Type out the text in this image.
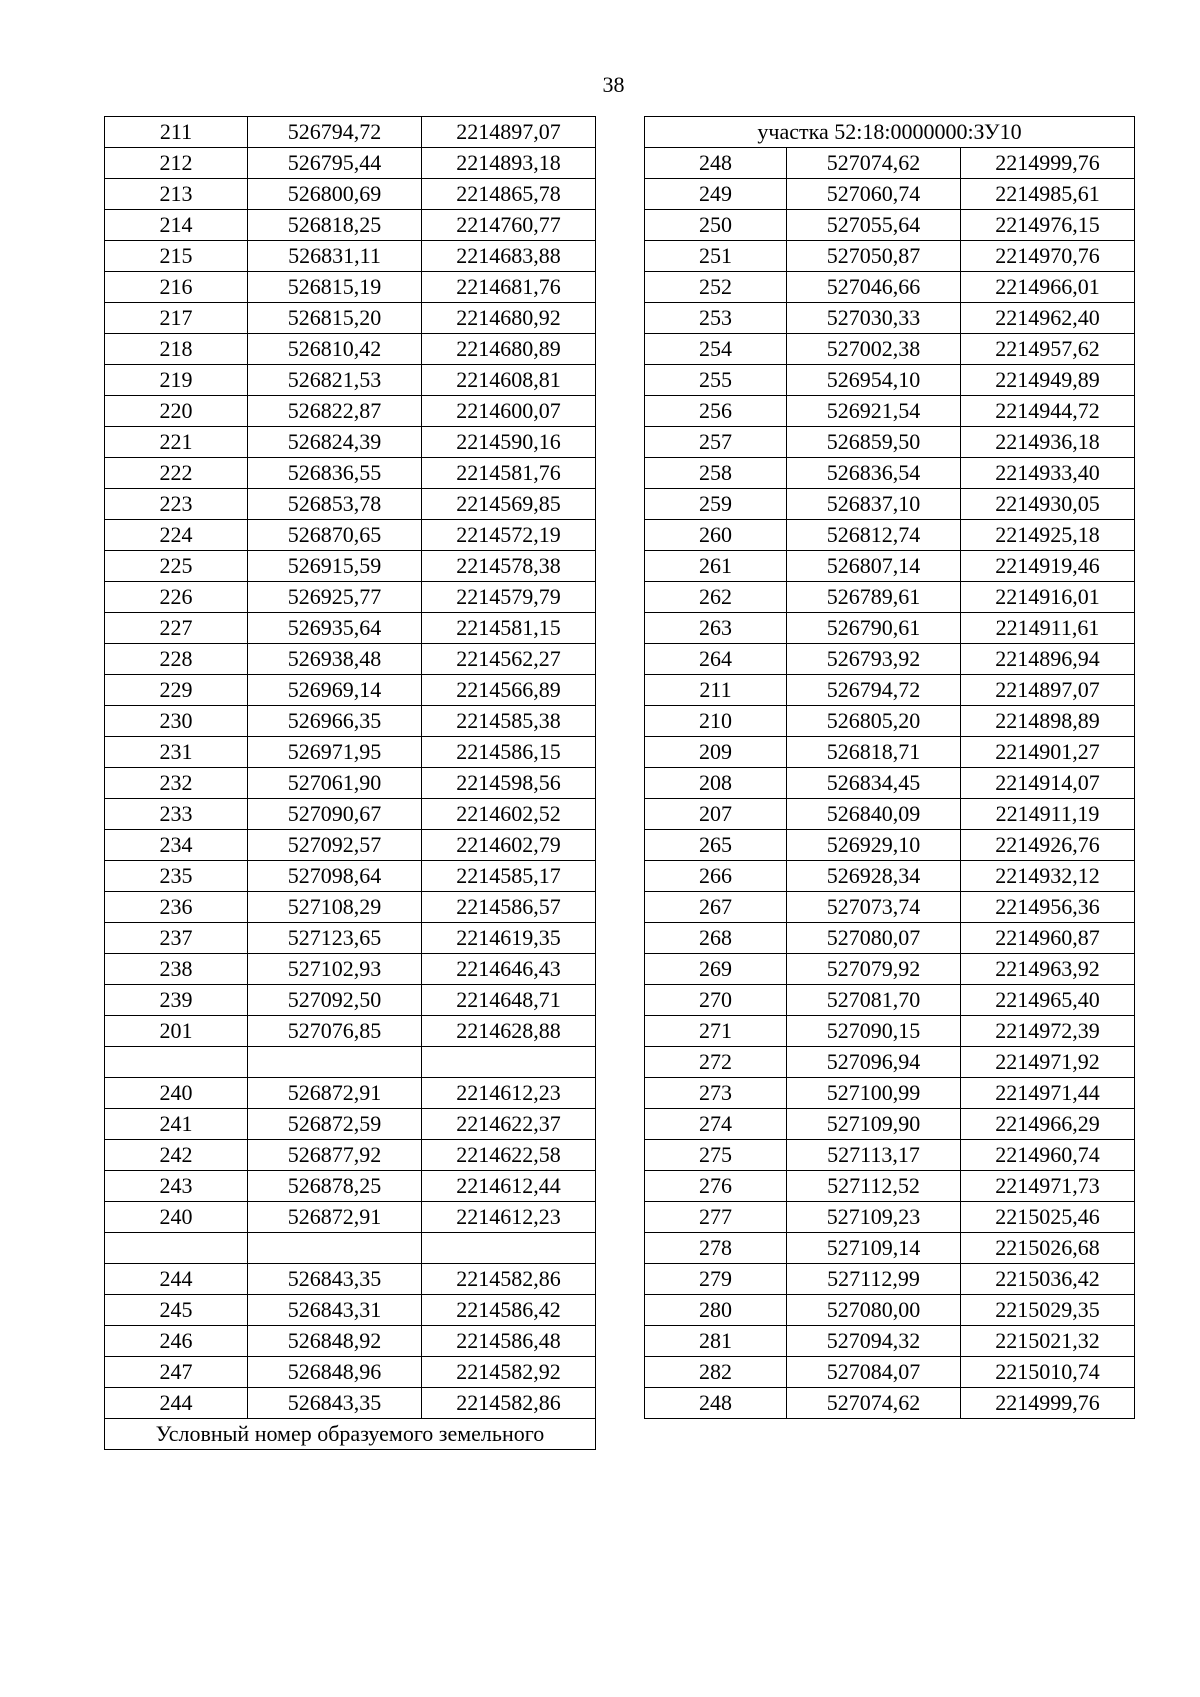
38
211	526794,72	2214897,07
212	526795,44	2214893,18
213	526800,69	2214865,78
214	526818,25	2214760,77
215	526831,11	2214683,88
216	526815,19	2214681,76
217	526815,20	2214680,92
218	526810,42	2214680,89
219	526821,53	2214608,81
220	526822,87	2214600,07
221	526824,39	2214590,16
222	526836,55	2214581,76
223	526853,78	2214569,85
224	526870,65	2214572,19
225	526915,59	2214578,38
226	526925,77	2214579,79
227	526935,64	2214581,15
228	526938,48	2214562,27
229	526969,14	2214566,89
230	526966,35	2214585,38
231	526971,95	2214586,15
232	527061,90	2214598,56
233	527090,67	2214602,52
234	527092,57	2214602,79
235	527098,64	2214585,17
236	527108,29	2214586,57
237	527123,65	2214619,35
238	527102,93	2214646,43
239	527092,50	2214648,71
201	527076,85	2214628,88

240	526872,91	2214612,23
241	526872,59	2214622,37
242	526877,92	2214622,58
243	526878,25	2214612,44
240	526872,91	2214612,23

244	526843,35	2214582,86
245	526843,31	2214586,42
246	526848,92	2214586,48
247	526848,96	2214582,92
244	526843,35	2214582,86
Условный номер образуемого земельного		
участка 52:18:0000000:ЗУ10		
248	527074,62	2214999,76
249	527060,74	2214985,61
250	527055,64	2214976,15
251	527050,87	2214970,76
252	527046,66	2214966,01
253	527030,33	2214962,40
254	527002,38	2214957,62
255	526954,10	2214949,89
256	526921,54	2214944,72
257	526859,50	2214936,18
258	526836,54	2214933,40
259	526837,10	2214930,05
260	526812,74	2214925,18
261	526807,14	2214919,46
262	526789,61	2214916,01
263	526790,61	2214911,61
264	526793,92	2214896,94
211	526794,72	2214897,07
210	526805,20	2214898,89
209	526818,71	2214901,27
208	526834,45	2214914,07
207	526840,09	2214911,19
265	526929,10	2214926,76
266	526928,34	2214932,12
267	527073,74	2214956,36
268	527080,07	2214960,87
269	527079,92	2214963,92
270	527081,70	2214965,40
271	527090,15	2214972,39
272	527096,94	2214971,92
273	527100,99	2214971,44
274	527109,90	2214966,29
275	527113,17	2214960,74
276	527112,52	2214971,73
277	527109,23	2215025,46
278	527109,14	2215026,68
279	527112,99	2215036,42
280	527080,00	2215029,35
281	527094,32	2215021,32
282	527084,07	2215010,74
248	527074,62	2214999,76
